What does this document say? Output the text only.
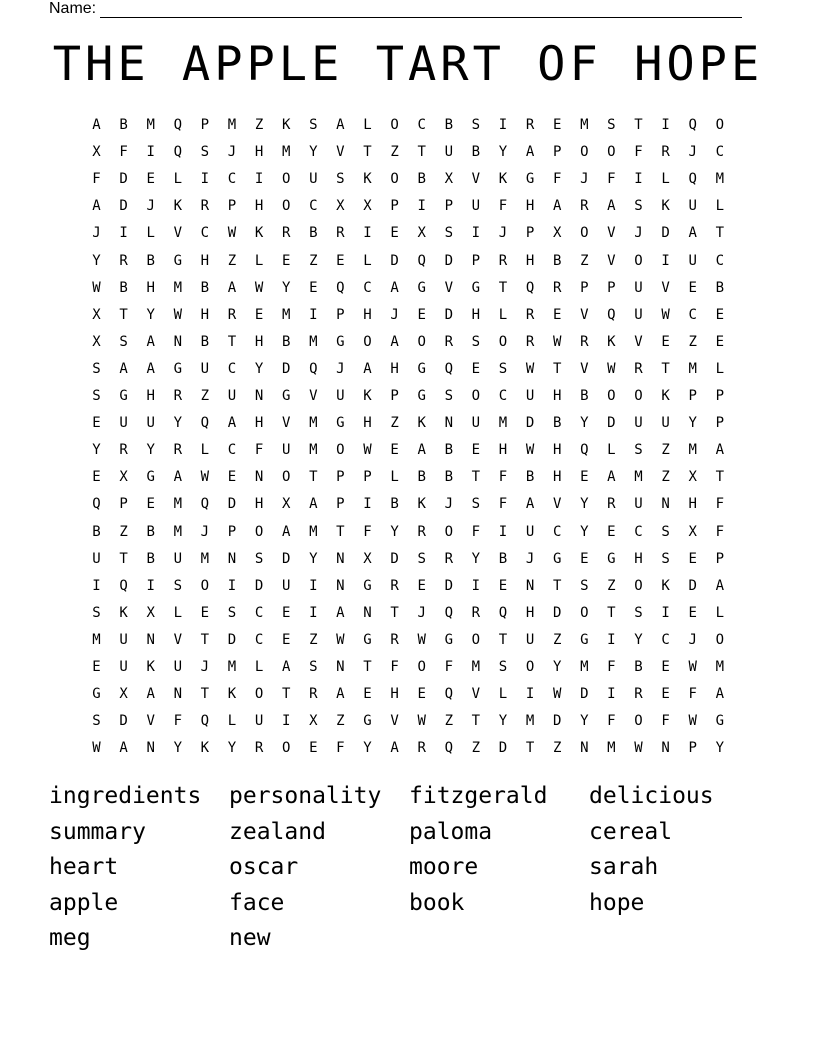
Name:
THE APPLE TART OF HOPE
A	B	M	Q	P	M	Z	K	S	A	L	O	C	B	S	I	R	E	M	S	T	I	Q	O
X	F	I	Q	S	J	H	M	Y	V	T	Z	T	U	B	Y	A	P	O	O	F	R	J	C
F	D	E	L	I	C	I	O	U	S	K	O	B	X	V	K	G	F	J	F	I	L	Q	M
A	D	J	K	R	P	H	O	C	X	X	P	I	P	U	F	H	A	R	A	S	K	U	L
J	I	L	V	C	W	K	R	B	R	I	E	X	S	I	J	P	X	O	V	J	D	A	T
Y	R	B	G	H	Z	L	E	Z	E	L	D	Q	D	P	R	H	B	Z	V	O	I	U	C
W	B	H	M	B	A	W	Y	E	Q	C	A	G	V	G	T	Q	R	P	P	U	V	E	B
X	T	Y	W	H	R	E	M	I	P	H	J	E	D	H	L	R	E	V	Q	U	W	C	E
X	S	A	N	B	T	H	B	M	G	O	A	O	R	S	O	R	W	R	K	V	E	Z	E
S	A	A	G	U	C	Y	D	Q	J	A	H	G	Q	E	S	W	T	V	W	R	T	M	L
S	G	H	R	Z	U	N	G	V	U	K	P	G	S	O	C	U	H	B	O	O	K	P	P
E	U	U	Y	Q	A	H	V	M	G	H	Z	K	N	U	M	D	B	Y	D	U	U	Y	P
Y	R	Y	R	L	C	F	U	M	O	W	E	A	B	E	H	W	H	Q	L	S	Z	M	A
E	X	G	A	W	E	N	O	T	P	P	L	B	B	T	F	B	H	E	A	M	Z	X	T
Q	P	E	M	Q	D	H	X	A	P	I	B	K	J	S	F	A	V	Y	R	U	N	H	F
B	Z	B	M	J	P	O	A	M	T	F	Y	R	O	F	I	U	C	Y	E	C	S	X	F
U	T	B	U	M	N	S	D	Y	N	X	D	S	R	Y	B	J	G	E	G	H	S	E	P
I	Q	I	S	O	I	D	U	I	N	G	R	E	D	I	E	N	T	S	Z	O	K	D	A
S	K	X	L	E	S	C	E	I	A	N	T	J	Q	R	Q	H	D	O	T	S	I	E	L
M	U	N	V	T	D	C	E	Z	W	G	R	W	G	O	T	U	Z	G	I	Y	C	J	O
E	U	K	U	J	M	L	A	S	N	T	F	O	F	M	S	O	Y	M	F	B	E	W	M
G	X	A	N	T	K	O	T	R	A	E	H	E	Q	V	L	I	W	D	I	R	E	F	A
S	D	V	F	Q	L	U	I	X	Z	G	V	W	Z	T	Y	M	D	Y	F	O	F	W	G
W	A	N	Y	K	Y	R	O	E	F	Y	A	R	Q	Z	D	T	Z	N	M	W	N	P	Y
ingredients personality fitzgerald delicious
summary	zealand	paloma	cereal
heart	oscar	moore	sarah
apple	face	book	hope
meg	new
